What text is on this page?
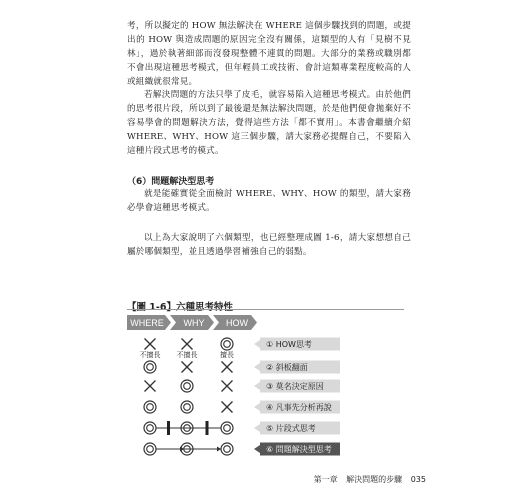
考，所以擬定的 HOW 無法解決在 WHERE 這個步驟找到的問題，或提出的 HOW 與造成問題的原因完全沒有關係，這類型的人有「見樹不見林」，過於執著細部而沒發現整體不連貫的問題。大部分的業務或職別都不會出現這種思考模式，但年輕員工或技術、會計這類專業程度較高的人或組織就很常見。

若解決問題的方法只學了皮毛，就容易陷入這種思考模式。由於他們的思考很片段，所以到了最後還是無法解決問題，於是他們便會拋棄好不容易學會的問題解決方法，覺得這些方法「都不實用」。本書會繼續介紹 WHERE、WHY、HOW 這三個步驟，請大家務必提醒自己，不要陷入這種片段式思考的模式。

（6）問題解決型思考

就是能確實從全面檢討 WHERE、WHY、HOW 的類型，請大家務必學會這種思考模式。

以上為大家說明了六個類型，也已經整理成圖 1-6，請大家想想自己屬於哪個類型，並且透過學習補強自己的弱點。

【圖 1-6】六種思考特性
WHERE WHY HOW
① HOW思考
② 斜板翻面
③ 莫名決定原因
④ 凡事先分析再說
⑤ 片段式思考
⑥ 問題解決型思考
不擅長 不擅長	擅長
第一章 解決問題的步驟 035
